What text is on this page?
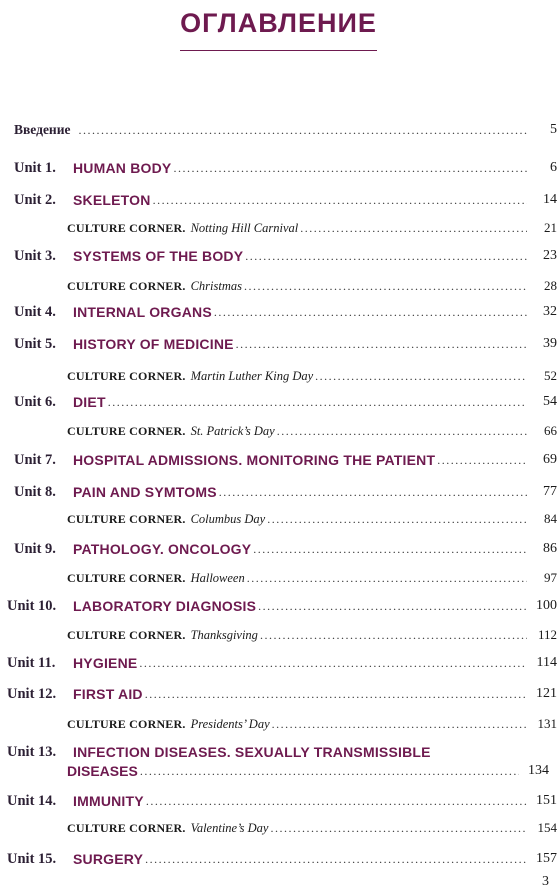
ОГЛАВЛЕНИЕ
Введение .....	5
Unit 1.	HUMAN BODY .....	6
Unit 2.	SKELETON .....	14
CULTURE CORNER. Notting Hill Carnival .....	21
Unit 3.	SYSTEMS OF THE BODY .....	23
CULTURE CORNER. Christmas .....	28
Unit 4.	INTERNAL ORGANS .....	32
Unit 5.	HISTORY OF MEDICINE .....	39
CULTURE CORNER. Martin Luther King Day .....	52
Unit 6.	DIET .....	54
CULTURE CORNER. St. Patrick’s Day .....	66
Unit 7.	HOSPITAL ADMISSIONS. MONITORING THE PATIENT .....	69
Unit 8.	PAIN AND SYMTOMS .....	77
CULTURE CORNER. Columbus Day .....	84
Unit 9.	PATHOLOGY. ONCOLOGY .....	86
CULTURE CORNER. Halloween .....	97
Unit 10.	LABORATORY DIAGNOSIS .....	100
CULTURE CORNER. Thanksgiving .....	112
Unit 11.	HYGIENE .....	114
Unit 12.	FIRST AID .....	121
CULTURE CORNER. Presidents’ Day .....	131
Unit 13.	INFECTION DISEASES. SEXUALLY TRANSMISSIBLE
DISEASES .....	134
Unit 14.	IMMUNITY .....	151
CULTURE CORNER. Valentine’s Day .....	154
Unit 15.	SURGERY .....	157
3
